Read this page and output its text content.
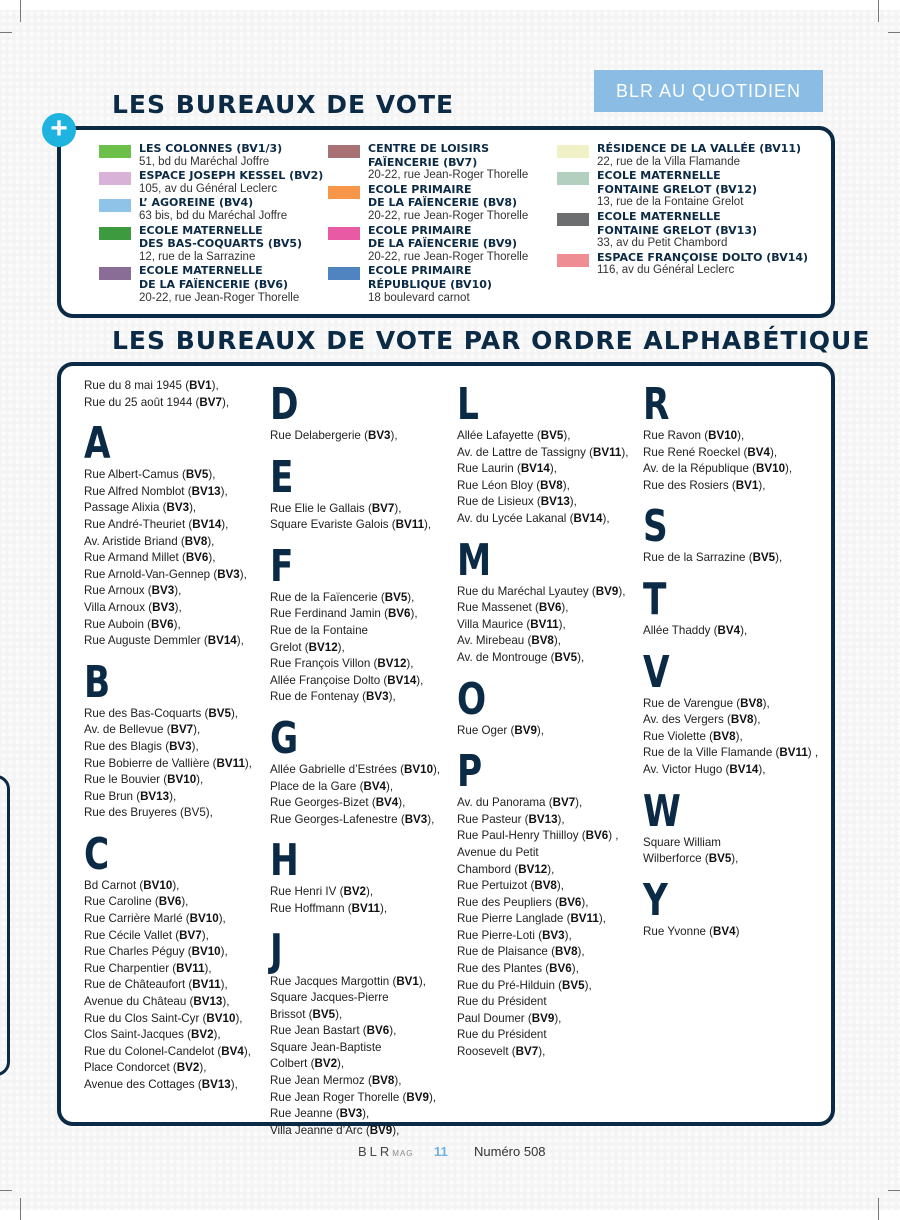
BLR AU QUOTIDIEN
LES BUREAUX DE VOTE
LES COLONNES (BV1/3)
51, bd du Maréchal Joffre
ESPACE JOSEPH KESSEL (BV2)
105, av du Général Leclerc
L’ AGOREINE (BV4)
63 bis, bd du Maréchal Joffre
ECOLE MATERNELLE
DES BAS-COQUARTS (BV5)
12, rue de la Sarrazine
ECOLE MATERNELLE
DE LA FAÏENCERIE (BV6)
20-22, rue Jean-Roger Thorelle
CENTRE DE LOISIRS
FAÏENCERIE (BV7)
20-22, rue Jean-Roger Thorelle
ECOLE PRIMAIRE
DE LA FAÏENCERIE (BV8)
20-22, rue Jean-Roger Thorelle
ECOLE PRIMAIRE
DE LA FAÏENCERIE (BV9)
20-22, rue Jean-Roger Thorelle
ECOLE PRIMAIRE
RÉPUBLIQUE (BV10)
18 boulevard carnot
RÉSIDENCE DE LA VALLÉE (BV11)
22, rue de la Villa Flamande
ECOLE MATERNELLE
FONTAINE GRELOT (BV12)
13, rue de la Fontaine Grelot
ECOLE MATERNELLE
FONTAINE GRELOT (BV13)
33, av du Petit Chambord
ESPACE FRANÇOISE DOLTO (BV14)
116, av du Général Leclerc
+
LES BUREAUX DE VOTE PAR ORDRE ALPHABÉTIQUE
Rue du 8 mai 1945 (BV1),
Rue du 25 août 1944 (BV7),
A
Rue Albert-Camus (BV5),
Rue Alfred Nomblot (BV13),
Passage Alixia (BV3),
Rue André-Theuriet (BV14),
Av. Aristide Briand (BV8),
Rue Armand Millet (BV6),
Rue Arnold-Van-Gennep (BV3),
Rue Arnoux (BV3),
Villa Arnoux (BV3),
Rue Auboin (BV6),
Rue Auguste Demmler (BV14),
B
Rue des Bas-Coquarts (BV5),
Av. de Bellevue (BV7),
Rue des Blagis (BV3),
Rue Bobierre de Vallière (BV11),
Rue le Bouvier (BV10),
Rue Brun (BV13),
Rue des Bruyeres (BV5),
C
Bd Carnot (BV10),
Rue Caroline (BV6),
Rue Carrière Marlé (BV10),
Rue Cécile Vallet (BV7),
Rue Charles Péguy (BV10),
Rue Charpentier (BV11),
Rue de Châteaufort (BV11),
Avenue du Château (BV13),
Rue du Clos Saint-Cyr (BV10),
Clos Saint-Jacques (BV2),
Rue du Colonel-Candelot (BV4),
Place Condorcet (BV2),
Avenue des Cottages (BV13),
D
Rue Delabergerie (BV3),
E
Rue Elie le Gallais (BV7),
Square Evariste Galois (BV11),
F
Rue de la Faïencerie (BV5),
Rue Ferdinand Jamin (BV6),
Rue de la Fontaine
Grelot (BV12),
Rue François Villon (BV12),
Allée Françoise Dolto (BV14),
Rue de Fontenay (BV3),
G
Allée Gabrielle d’Estrées (BV10),
Place de la Gare (BV4),
Rue Georges-Bizet (BV4),
Rue Georges-Lafenestre (BV3),
H
Rue Henri IV (BV2),
Rue Hoffmann (BV11),
J
Rue Jacques Margottin (BV1),
Square Jacques-Pierre
Brissot (BV5),
Rue Jean Bastart (BV6),
Square Jean-Baptiste
Colbert (BV2),
Rue Jean Mermoz (BV8),
Rue Jean Roger Thorelle (BV9),
Rue Jeanne (BV3),
Villa Jeanne d’Arc (BV9),
L
Allée Lafayette (BV5),
Av. de Lattre de Tassigny (BV11),
Rue Laurin (BV14),
Rue Léon Bloy (BV8),
Rue de Lisieux (BV13),
Av. du Lycée Lakanal (BV14),
M
Rue du Maréchal Lyautey (BV9),
Rue Massenet (BV6),
Villa Maurice (BV11),
Av. Mirebeau (BV8),
Av. de Montrouge (BV5),
O
Rue Oger (BV9),
P
Av. du Panorama (BV7),
Rue Pasteur (BV13),
Rue Paul-Henry Thiilloy (BV6) ,
Avenue du Petit
Chambord (BV12),
Rue Pertuizot (BV8),
Rue des Peupliers (BV6),
Rue Pierre Langlade (BV11),
Rue Pierre-Loti (BV3),
Rue de Plaisance (BV8),
Rue des Plantes (BV6),
Rue du Pré-Hilduin (BV5),
Rue du Président
Paul Doumer (BV9),
Rue du Président
Roosevelt (BV7),
R
Rue Ravon (BV10),
Rue René Roeckel (BV4),
Av. de la République (BV10),
Rue des Rosiers (BV1),
S
Rue de la Sarrazine (BV5),
T
Allée Thaddy (BV4),
V
Rue de Varengue (BV8),
Av. des Vergers (BV8),
Rue Violette (BV8),
Rue de la Ville Flamande (BV11) ,
Av. Victor Hugo (BV14),
W
Square William
Wilberforce (BV5),
Y
Rue Yvonne (BV4)
BLRMAG 11 Numéro 508
